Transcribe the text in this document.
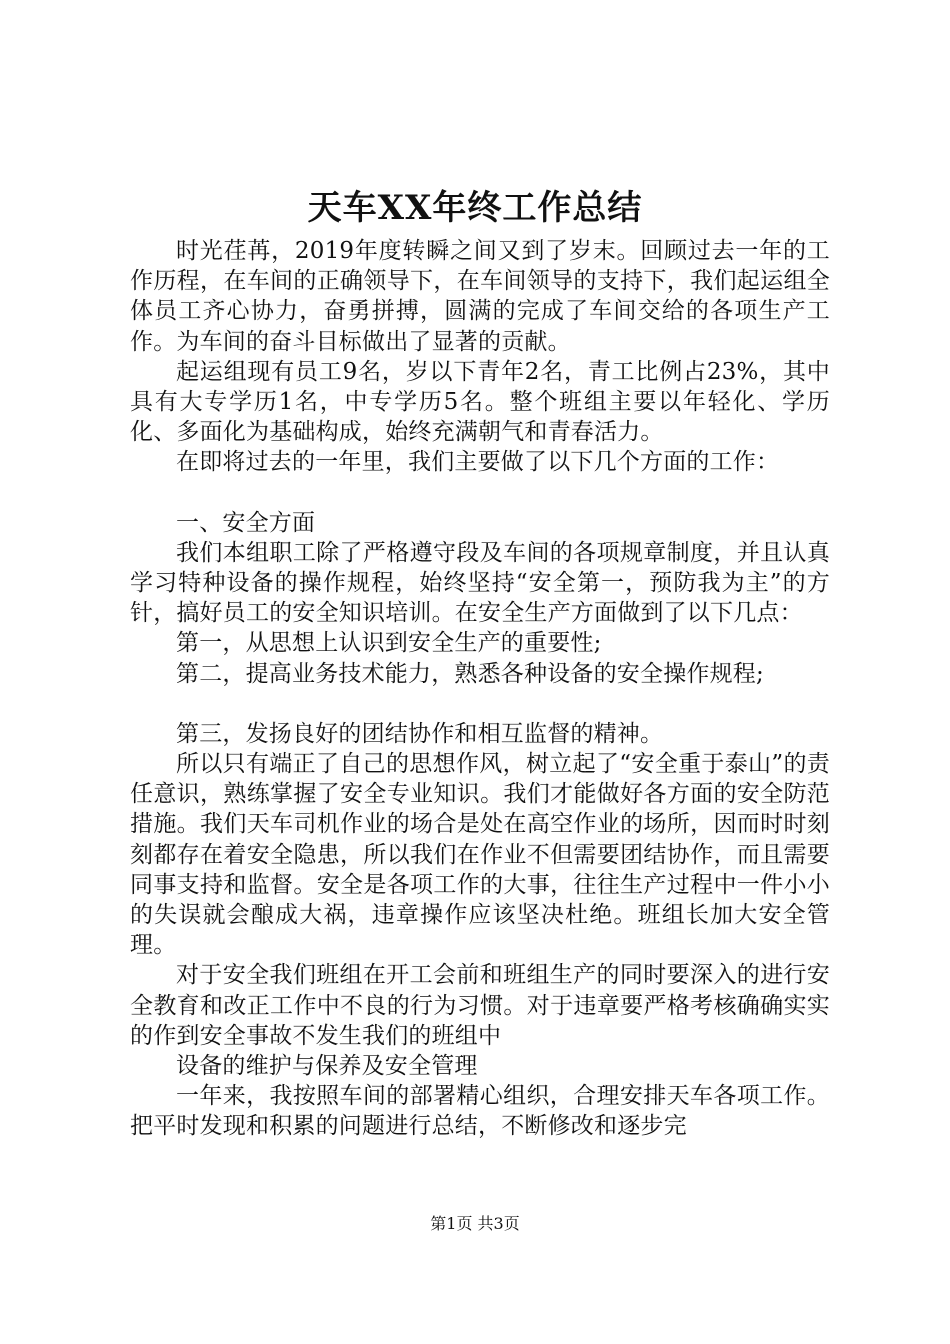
天车XX年终工作总结

时光荏苒，2019年度转瞬之间又到了岁末。回顾过去一年的工作历程，在车间的正确领导下，在车间领导的支持下，我们起运组全体员工齐心协力，奋勇拼搏，圆满的完成了车间交给的各项生产工作。为车间的奋斗目标做出了显著的贡献。

起运组现有员工9名，岁以下青年2名，青工比例占23%，其中具有大专学历1名，中专学历5名。整个班组主要以年轻化、学历化、多面化为基础构成，始终充满朝气和青春活力。

在即将过去的一年里，我们主要做了以下几个方面的工作：

一、安全方面

我们本组职工除了严格遵守段及车间的各项规章制度，并且认真学习特种设备的操作规程，始终坚持“安全第一，预防我为主”的方针，搞好员工的安全知识培训。在安全生产方面做到了以下几点：

第一，从思想上认识到安全生产的重要性;

第二，提高业务技术能力，熟悉各种设备的安全操作规程;

第三，发扬良好的团结协作和相互监督的精神。

所以只有端正了自己的思想作风，树立起了“安全重于泰山”的责任意识，熟练掌握了安全专业知识。我们才能做好各方面的安全防范措施。我们天车司机作业的场合是处在高空作业的场所，因而时时刻刻都存在着安全隐患，所以我们在作业不但需要团结协作，而且需要同事支持和监督。安全是各项工作的大事，往往生产过程中一件小小的失误就会酿成大祸，违章操作应该坚决杜绝。班组长加大安全管理。

对于安全我们班组在开工会前和班组生产的同时要深入的进行安全教育和改正工作中不良的行为习惯。对于违章要严格考核确确实实的作到安全事故不发生我们的班组中

设备的维护与保养及安全管理

一年来，我按照车间的部署精心组织，合理安排天车各项工作。把平时发现和积累的问题进行总结，不断修改和逐步完

第1页 共3页
